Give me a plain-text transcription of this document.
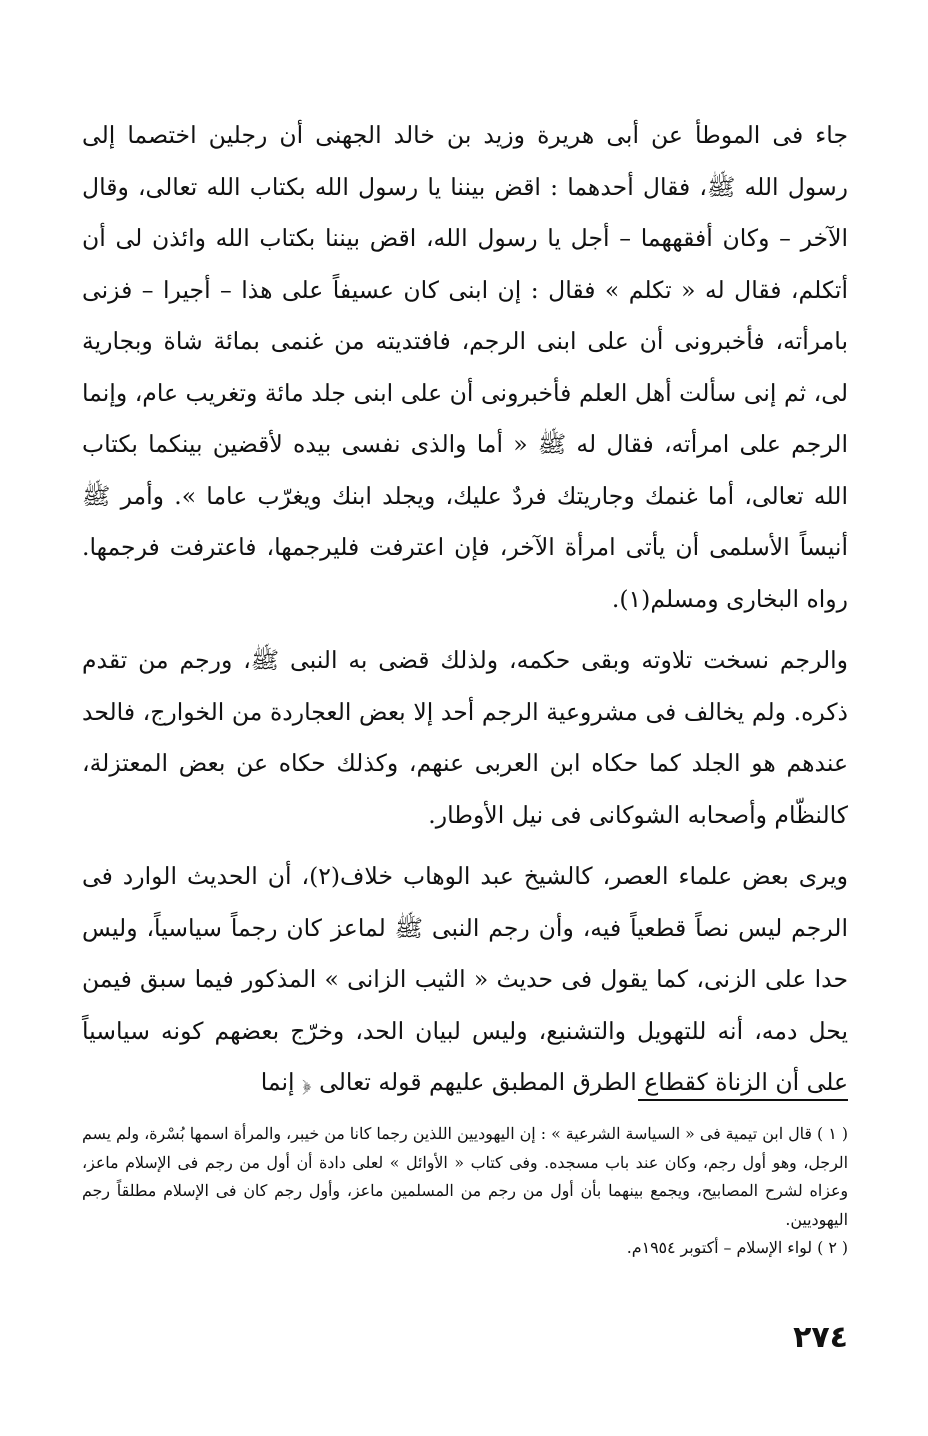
جاء فى الموطأ عن أبى هريرة وزيد بن خالد الجهنى أن رجلين اختصما إلى رسول الله ﷺ، فقال أحدهما : اقض بيننا يا رسول الله بكتاب الله تعالى، وقال الآخر – وكان أفقههما – أجل يا رسول الله، اقض بيننا بكتاب الله وائذن لى أن أتكلم، فقال له « تكلم » فقال : إن ابنى كان عسيفاً على هذا – أجيرا – فزنى بامرأته، فأخبرونى أن على ابنى الرجم، فافتديته من غنمى بمائة شاة وبجارية لى، ثم إنى سألت أهل العلم فأخبرونى أن على ابنى جلد مائة وتغريب عام، وإنما الرجم على امرأته، فقال له ﷺ « أما والذى نفسى بيده لأقضين بينكما بكتاب الله تعالى، أما غنمك وجاريتك فردٌ عليك، ويجلد ابنك ويغرّب عاما ». وأمر ﷺ أنيساً الأسلمى أن يأتى امرأة الآخر، فإن اعترفت فليرجمها، فاعترفت فرجمها. رواه البخارى ومسلم(١).

والرجم نسخت تلاوته وبقى حكمه، ولذلك قضى به النبى ﷺ، ورجم من تقدم ذكره. ولم يخالف فى مشروعية الرجم أحد إلا بعض العجاردة من الخوارج، فالحد عندهم هو الجلد كما حكاه ابن العربى عنهم، وكذلك حكاه عن بعض المعتزلة، كالنظّام وأصحابه الشوكانى فى نيل الأوطار.

ويرى بعض علماء العصر، كالشيخ عبد الوهاب خلاف(٢)، أن الحديث الوارد فى الرجم ليس نصاً قطعياً فيه، وأن رجم النبى ﷺ لماعز كان رجماً سياسياً، وليس حدا على الزنى، كما يقول فى حديث « الثيب الزانى » المذكور فيما سبق فيمن يحل دمه، أنه للتهويل والتشنيع، وليس لبيان الحد، وخرّج بعضهم كونه سياسياً على أن الزناة كقطاع الطرق المطبق عليهم قوله تعالى ﴿ إنما

( ١ ) قال ابن تيمية فى « السياسة الشرعية » : إن اليهوديين اللذين رجما كانا من خيبر، والمرأة اسمها بُسْرة، ولم يسم الرجل، وهو أول رجم، وكان عند باب مسجده. وفى كتاب « الأوائل » لعلى دادة أن أول من رجم فى الإسلام ماعز، وعزاه لشرح المصابيح، ويجمع بينهما بأن أول من رجم من المسلمين ماعز، وأول رجم كان فى الإسلام مطلقاً رجم اليهوديين.

( ٢ ) لواء الإسلام – أكتوبر ١٩٥٤م.

٢٧٤
